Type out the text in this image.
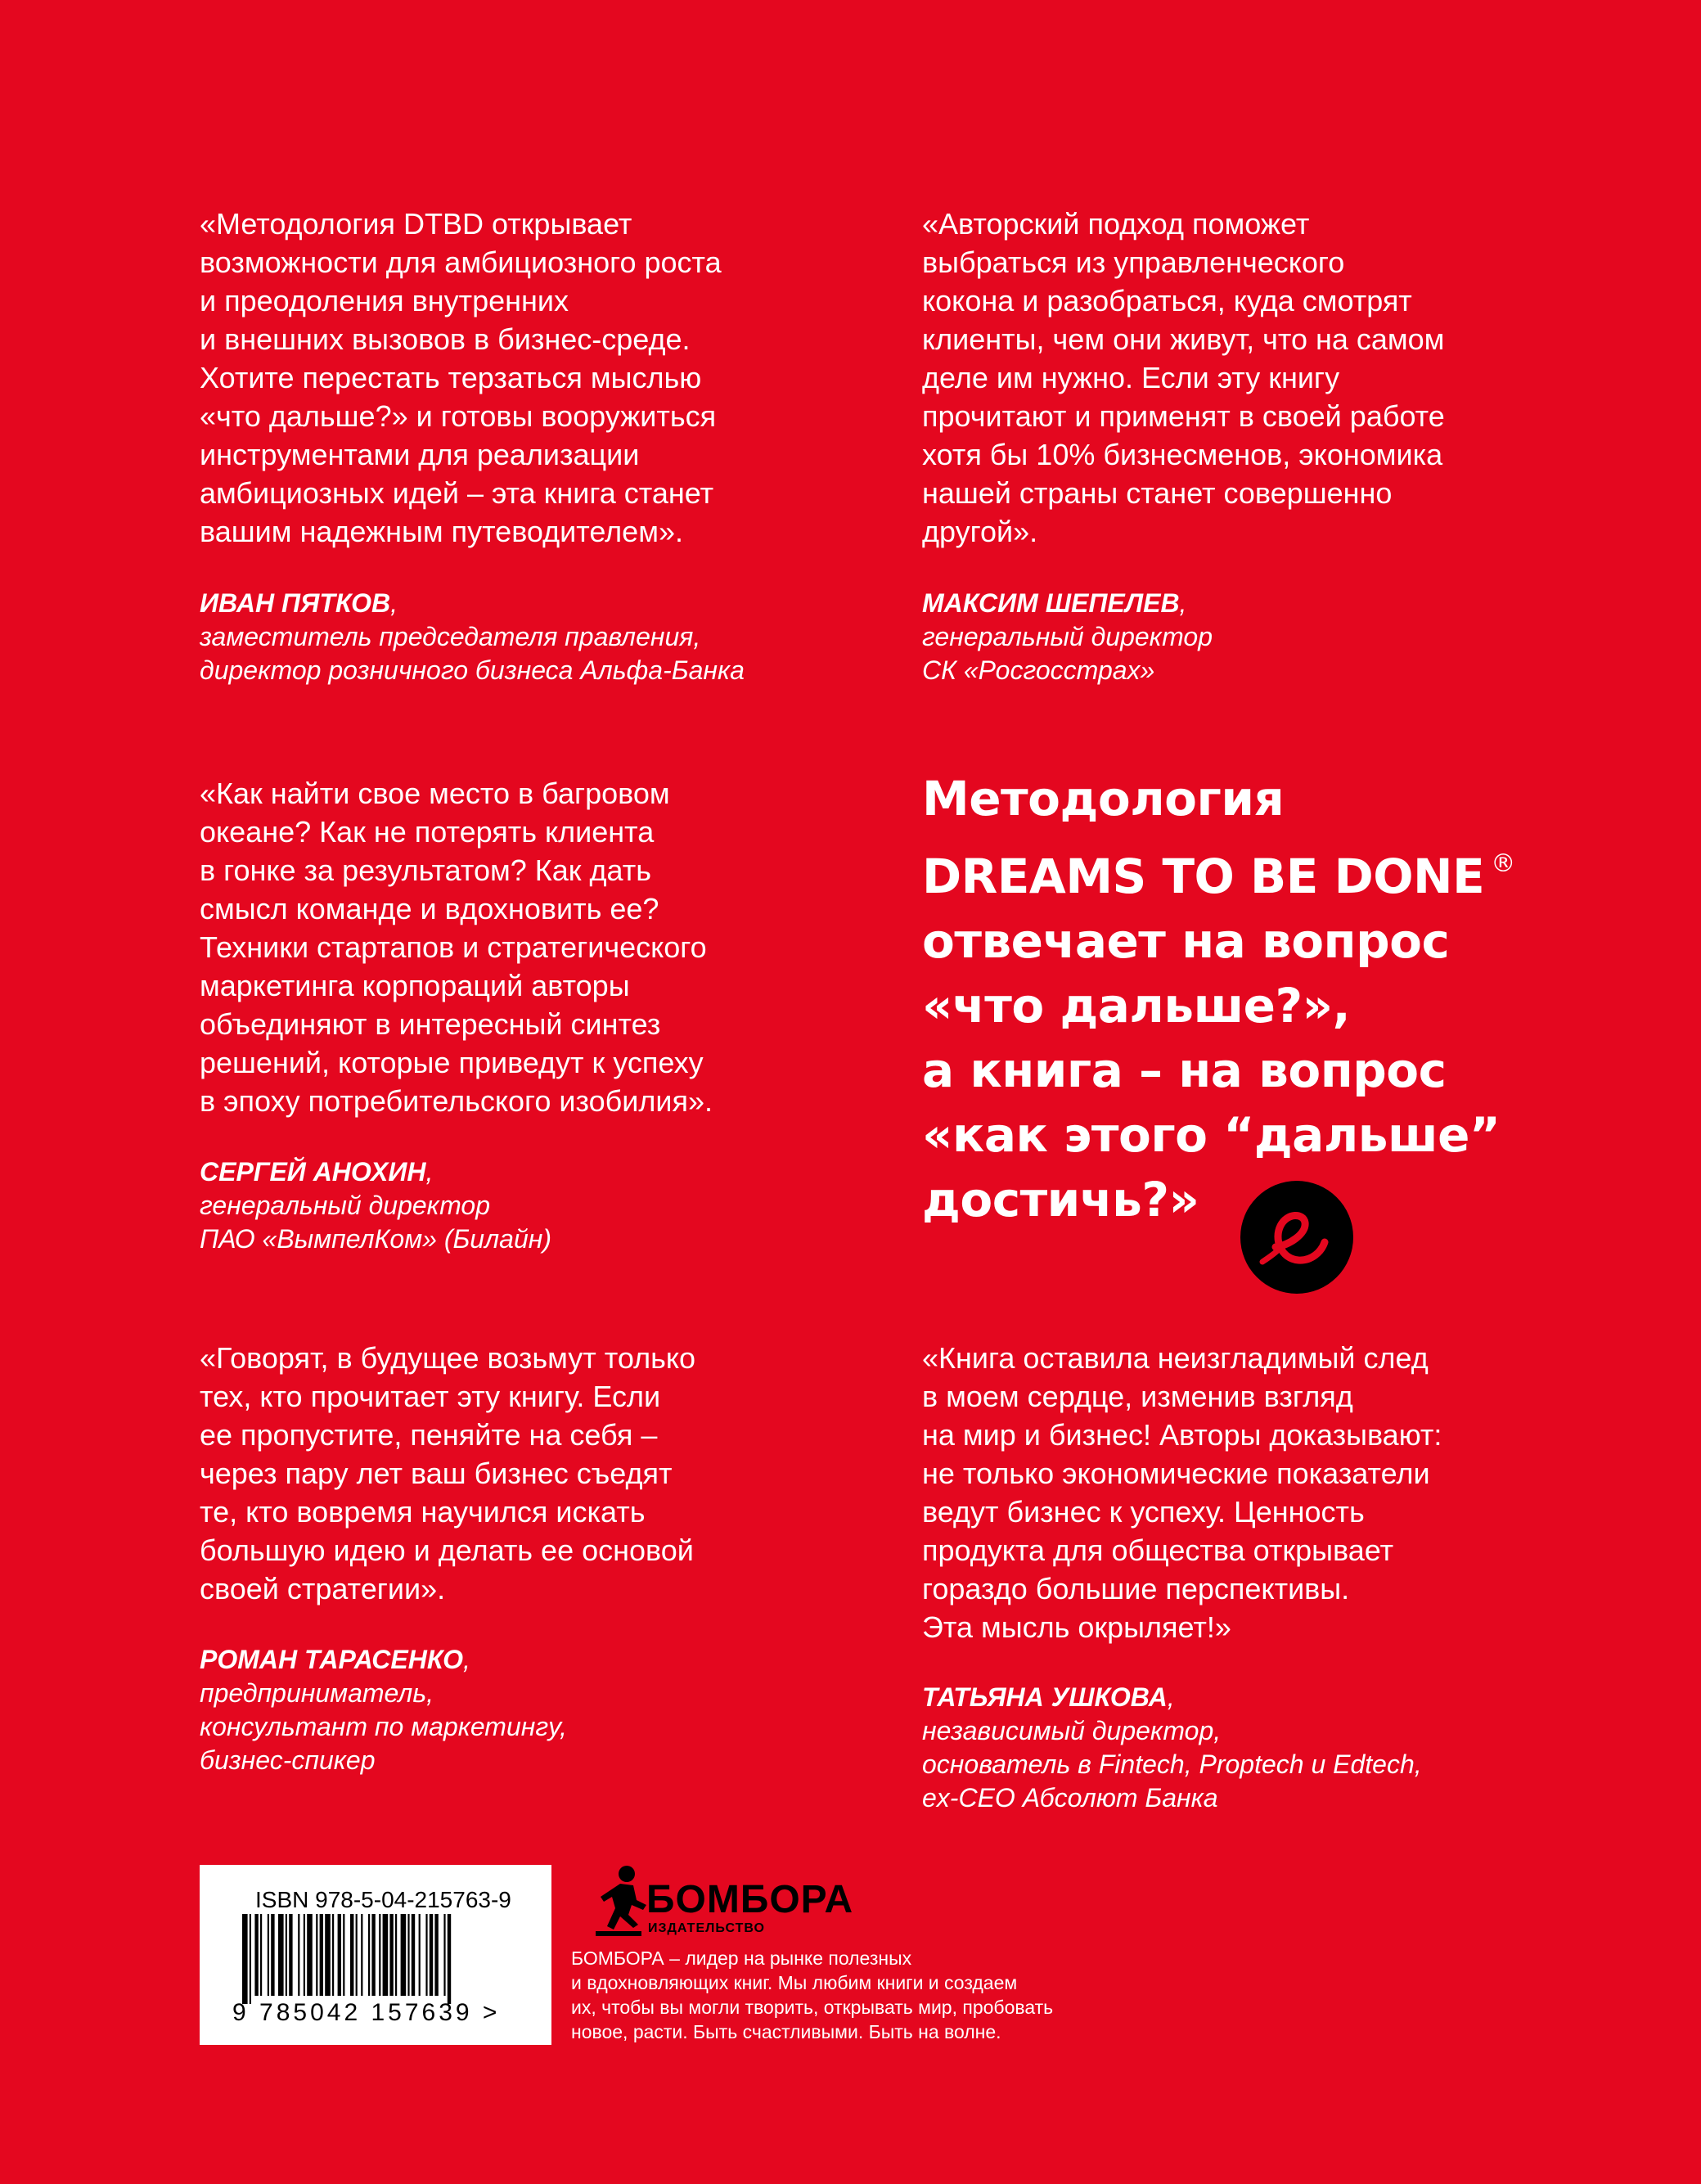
«Методология DTBD открывает
возможности для амбициозного роста
и преодоления внутренних
и внешних вызовов в бизнес-среде.
Хотите перестать терзаться мыслью
«что дальше?» и готовы вооружиться
инструментами для реализации
амбициозных идей – эта книга станет
вашим надежным путеводителем».

ИВАН ПЯТКОВ,
заместитель председателя правления,
директор розничного бизнеса Альфа-Банка

«Авторский подход поможет
выбраться из управленческого
кокона и разобраться, куда смотрят
клиенты, чем они живут, что на самом
деле им нужно. Если эту книгу
прочитают и применят в своей работе
хотя бы 10% бизнесменов, экономика
нашей страны станет совершенно
другой».

МАКСИМ ШЕПЕЛЕВ,
генеральный директор
СК «Росгосстрах»

«Как найти свое место в багровом
океане? Как не потерять клиента
в гонке за результатом? Как дать
смысл команде и вдохновить ее?
Техники стартапов и стратегического
маркетинга корпораций авторы
объединяют в интересный синтез
решений, которые приведут к успеху
в эпоху потребительского изобилия».

СЕРГЕЙ АНОХИН,
генеральный директор
ПАО «ВымпелКом» (Билайн)
Методология
DREAMS TO BE DONE ®
отвечает на вопрос
«что дальше?»,
а книга – на вопрос
«как этого “дальше”
достичь?»

«Говорят, в будущее возьмут только
тех, кто прочитает эту книгу. Если
ее пропустите, пеняйте на себя –
через пару лет ваш бизнес съедят
те, кто вовремя научился искать
большую идею и делать ее основой
своей стратегии».

РОМАН ТАРАСЕНКО,
предприниматель,
консультант по маркетингу,
бизнес-спикер

«Книга оставила неизгладимый след
в моем сердце, изменив взгляд
на мир и бизнес! Авторы доказывают:
не только экономические показатели
ведут бизнес к успеху. Ценность
продукта для общества открывает
гораздо большие перспективы.
Эта мысль окрыляет!»

ТАТЬЯНА УШКОВА,
независимый директор,
основатель в Fintech, Proptech и Edtech,
ex-CEO Абсолют Банка
ISBN 978-5-04-215763-9
9 785042 157639 >
БОМБОРА
ИЗДАТЕЛЬСТВО

БОМБОРА – лидер на рынке полезных
и вдохновляющих книг. Мы любим книги и создаем
их, чтобы вы могли творить, открывать мир, пробовать
новое, расти. Быть счастливыми. Быть на волне.
